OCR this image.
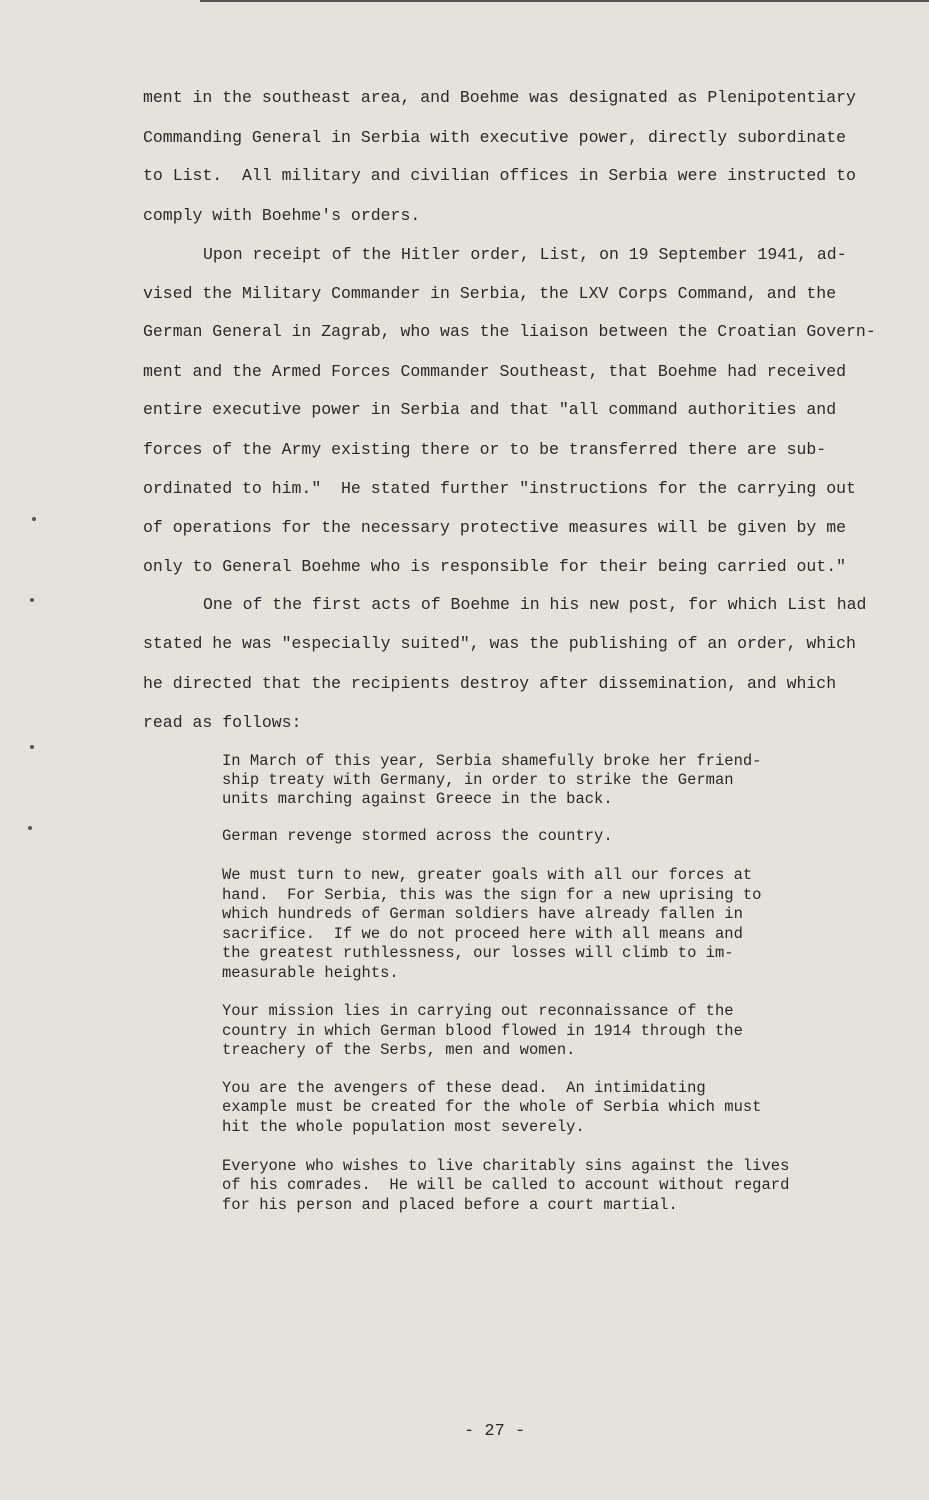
ment in the southeast area, and Boehme was designated as Plenipotentiary

Commanding General in Serbia with executive power, directly subordinate

to List.  All military and civilian offices in Serbia were instructed to

comply with Boehme's orders.

Upon receipt of the Hitler order, List, on 19 September 1941, ad-

vised the Military Commander in Serbia, the LXV Corps Command, and the

German General in Zagrab, who was the liaison between the Croatian Govern-

ment and the Armed Forces Commander Southeast, that Boehme had received

entire executive power in Serbia and that "all command authorities and

forces of the Army existing there or to be transferred there are sub-

ordinated to him."  He stated further "instructions for the carrying out

of operations for the necessary protective measures will be given by me

only to General Boehme who is responsible for their being carried out."

One of the first acts of Boehme in his new post, for which List had

stated he was "especially suited", was the publishing of an order, which

he directed that the recipients destroy after dissemination, and which

read as follows:

In March of this year, Serbia shamefully broke her friend-

ship treaty with Germany, in order to strike the German

units marching against Greece in the back.

German revenge stormed across the country.

We must turn to new, greater goals with all our forces at

hand.  For Serbia, this was the sign for a new uprising to

which hundreds of German soldiers have already fallen in

sacrifice.  If we do not proceed here with all means and

the greatest ruthlessness, our losses will climb to im-

measurable heights.

Your mission lies in carrying out reconnaissance of the

country in which German blood flowed in 1914 through the

treachery of the Serbs, men and women.

You are the avengers of these dead.  An intimidating

example must be created for the whole of Serbia which must

hit the whole population most severely.

Everyone who wishes to live charitably sins against the lives

of his comrades.  He will be called to account without regard

for his person and placed before a court martial.

- 27 -
